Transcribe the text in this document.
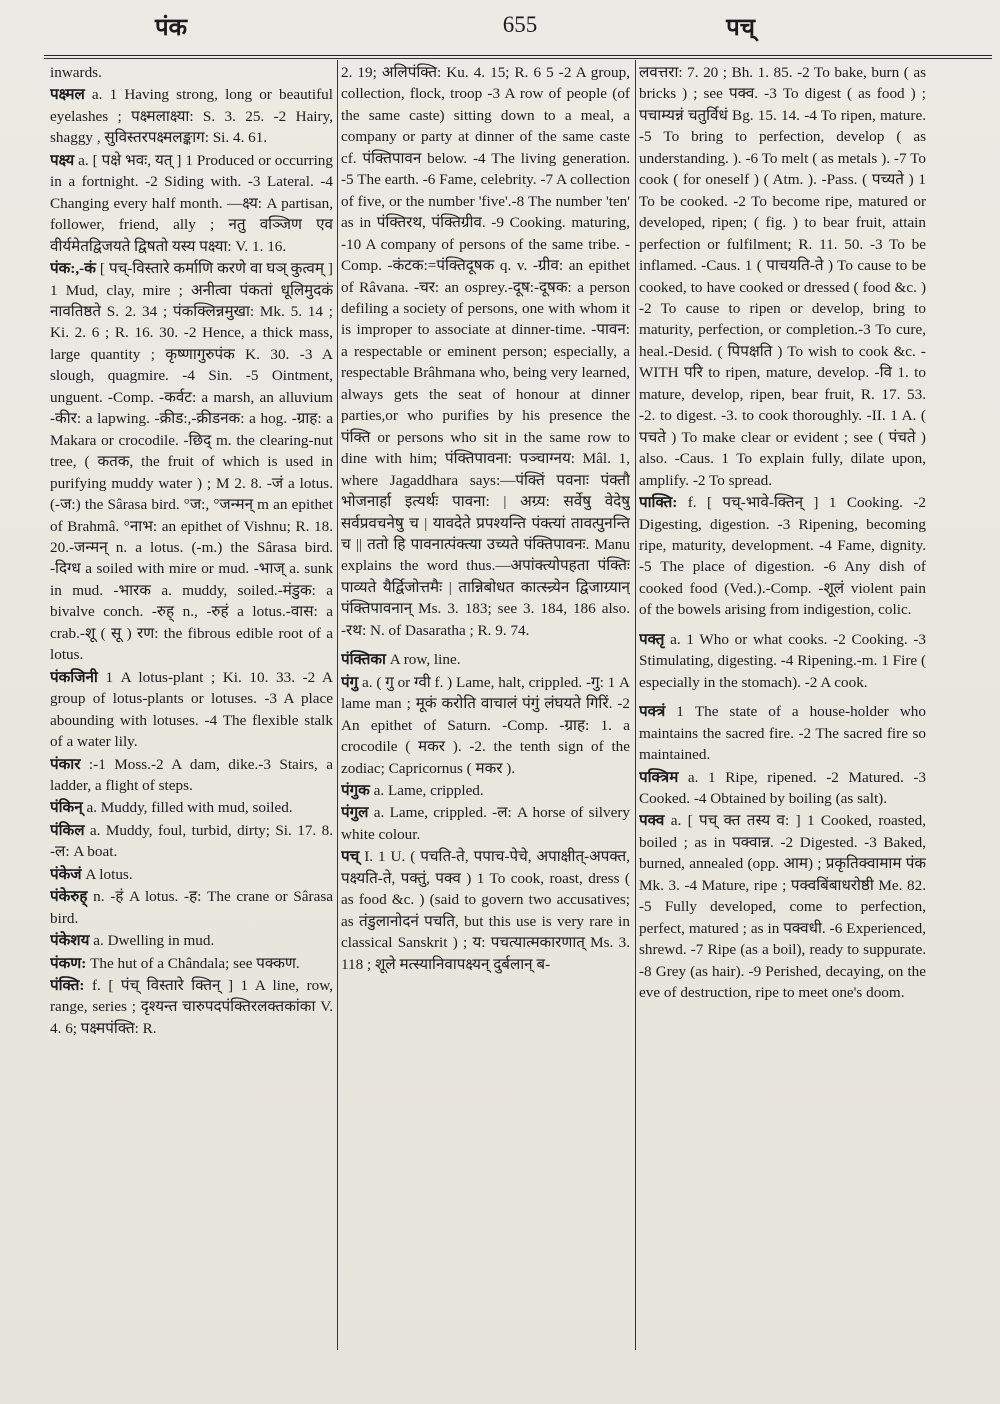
पंक	655	पच्

inwards.

पक्ष्मल a. 1 Having strong, long or beautiful eyelashes ; पक्ष्मलाक्ष्या: S. 3. 25. -2 Hairy, shaggy , सुविस्तरपक्ष्मलङ्काग: Si. 4. 61.

पक्ष्य a. [ पक्षे भवः, यत् ] 1 Produced or occurring in a fortnight. -2 Siding with. -3 Lateral. -4 Changing every half month. —क्ष्य: A partisan, follower, friend, ally ; नतु वञ्जिण एव वीर्यमेतद्विजयते द्विषतो यस्य पक्ष्या: V. 1. 16.

पंक:,-कं [ पच्-विस्तारे कर्माणि करणे वा घञ् कुत्वम् ] 1 Mud, clay, mire ; अनीत्वा पंकतां धूलिमुदकं नावतिष्ठते S. 2. 34 ; पंकक्लिन्नमुखा: Mk. 5. 14 ; Ki. 2. 6 ; R. 16. 30. -2 Hence, a thick mass, large quantity ; कृष्णागुरुपंक K. 30. -3 A slough, quagmire. -4 Sin. -5 Ointment, unguent. -Comp. -कर्वट: a marsh, an alluvium -कीर: a lapwing. -क्रीड:,-क्रीडनक: a hog. -ग्राह: a Makara or crocodile. -छिद् m. the clearing-nut tree, ( कतक, the fruit of which is used in purifying muddy water ) ; M 2. 8. -जं a lotus. (-ज:) the Sârasa bird. °ज:, °जन्मन् m an epithet of Brahmâ. °नाभ: an epithet of Vishnu; R. 18. 20.-जन्मन् n. a lotus. (-m.) the Sârasa bird. -दिग्ध a soiled with mire or mud. -भाज् a. sunk in mud. -भारक a. muddy, soiled.-मंडुक: a bivalve conch. -रुह् n., -रुहं a lotus.-वास: a crab.-शू ( सू ) रण: the fibrous edible root of a lotus.

पंकजिनी 1 A lotus-plant ; Ki. 10. 33. -2 A group of lotus-plants or lotuses. -3 A place abounding with lotuses. -4 The flexible stalk of a water lily.

पंकार :-1 Moss.-2 A dam, dike.-3 Stairs, a ladder, a flight of steps.

पंकिन् a. Muddy, filled with mud, soiled.

पंकिल a. Muddy, foul, turbid, dirty; Si. 17. 8. -ल: A boat.

पंकेजं A lotus.

पंकेरुह् n. -हं A lotus. -ह: The crane or Sârasa bird.

पंकेशय a. Dwelling in mud.

पंकण: The hut of a Chândala; see पक्कण.

पंक्ति: f. [ पंच् विस्तारे क्तिन् ] 1 A line, row, range, series ; दृश्यन्त चारुपदपंक्तिरलक्तकांका V. 4. 6; पक्ष्मपंक्ति: R.

2. 19; अलिपंक्ति: Ku. 4. 15; R. 6 5 -2 A group, collection, flock, troop -3 A row of people (of the same caste) sitting down to a meal, a company or party at dinner of the same caste cf. पंक्तिपावन below. -4 The living generation. -5 The earth. -6 Fame, celebrity. -7 A collection of five, or the number 'five'.-8 The number 'ten' as in पंक्तिरथ, पंक्तिग्रीव. -9 Cooking. maturing, -10 A company of persons of the same tribe. -Comp. -कंटक:=पंक्तिदूषक q. v. -ग्रीव: an epithet of Râvana. -चर: an osprey.-दूष:-दूषक: a person defiling a society of persons, one with whom it is improper to associate at dinner-time. -पावन: a respectable or eminent person; especially, a respectable Brâhmana who, being very learned, always gets the seat of honour at dinner parties,or who purifies by his presence the पंक्ति or persons who sit in the same row to dine with him; पंक्तिपावना: पञ्चाग्नय: Mâl. 1, where Jagaddhara says:—पंक्तिं पवनाः पंक्तौ भोजनार्हा इत्यर्थः पावना: | अग्र्य: सर्वेषु वेदेषु सर्वप्रवचनेषु च | यावदेते प्रपश्यन्ति पंक्त्यां तावत्पुनन्ति च || ततो हि पावनात्पंक्त्या उच्यते पंक्तिपावनः. Manu explains the word thus.—अपांक्त्योपहता पंक्तिः पाव्यते यैर्द्विजोत्तमैः | तान्निबोधत कात्स्न्र्येन द्विजाग्र्यान् पंक्तिपावनान् Ms. 3. 183; see 3. 184, 186 also. -रथ: N. of Dasaratha ; R. 9. 74.

पंक्तिका A row, line.

पंगु a. ( गु or ग्वी f. ) Lame, halt, crippled. -गु: 1 A lame man ; मूकं करोति वाचालं पंगुं लंघयते गिरिं. -2 An epithet of Saturn. -Comp. -ग्राह: 1. a crocodile ( मकर ). -2. the tenth sign of the zodiac; Capricornus ( मकर ).

पंगुक a. Lame, crippled.

पंगुल a. Lame, crippled. -ल: A horse of silvery white colour.

पच् I. 1 U. ( पचति-ते, पपाच-पेचे, अपाक्षीत्-अपक्त, पक्ष्यति-ते, पक्तुं, पक्व ) 1 To cook, roast, dress ( as food &c. ) (said to govern two accusatives; as तंडुलानोदनं पचति, but this use is very rare in classical Sanskrit ) ; य: पचत्यात्मकारणात् Ms. 3. 118 ; शूले मत्स्यानिवापक्ष्यन् दुर्बलान् ब-

लवत्तरा: 7. 20 ; Bh. 1. 85. -2 To bake, burn ( as bricks ) ; see पक्व. -3 To digest ( as food ) ; पचाम्यन्नं चतुर्विधं Bg. 15. 14. -4 To ripen, mature. -5 To bring to perfection, develop ( as understanding. ). -6 To melt ( as metals ). -7 To cook ( for oneself ) ( Atm. ). -Pass. ( पच्यते ) 1 To be cooked. -2 To become ripe, matured or developed, ripen; ( fig. ) to bear fruit, attain perfection or fulfilment; R. 11. 50. -3 To be inflamed. -Caus. 1 ( पाचयति-ते ) To cause to be cooked, to have cooked or dressed ( food &c. ) -2 To cause to ripen or develop, bring to maturity, perfection, or completion.-3 To cure, heal.-Desid. ( पिपक्षति ) To wish to cook &c. -WITH परि to ripen, mature, develop. -वि 1. to mature, develop, ripen, bear fruit, R. 17. 53. -2. to digest. -3. to cook thoroughly. -II. 1 A. ( पचते ) To make clear or evident ; see ( पंचते ) also. -Caus. 1 To explain fully, dilate upon, amplify. -2 To spread.

पाक्ति: f. [ पच्-भावे-क्तिन् ] 1 Cooking. -2 Digesting, digestion. -3 Ripening, becoming ripe, maturity, development. -4 Fame, dignity. -5 The place of digestion. -6 Any dish of cooked food (Ved.).-Comp. -शूलं violent pain of the bowels arising from indigestion, colic.

पक्तृ a. 1 Who or what cooks. -2 Cooking. -3 Stimulating, digesting. -4 Ripening.-m. 1 Fire ( especially in the stomach). -2 A cook.

पक्त्रं 1 The state of a house-holder who maintains the sacred fire. -2 The sacred fire so maintained.

पक्त्रिम a. 1 Ripe, ripened. -2 Matured. -3 Cooked. -4 Obtained by boiling (as salt).

पक्व a. [ पच् क्त तस्य व: ] 1 Cooked, roasted, boiled ; as in पक्वान्न. -2 Digested. -3 Baked, burned, annealed (opp. आम) ; प्रकृतिक्वामाम पंक Mk. 3. -4 Mature, ripe ; पक्वबिंबाधरोष्ठी Me. 82. -5 Fully developed, come to perfection, perfect, matured ; as in पक्वधी. -6 Experienced, shrewd. -7 Ripe (as a boil), ready to suppurate. -8 Grey (as hair). -9 Perished, decaying, on the eve of destruction, ripe to meet one's doom.
